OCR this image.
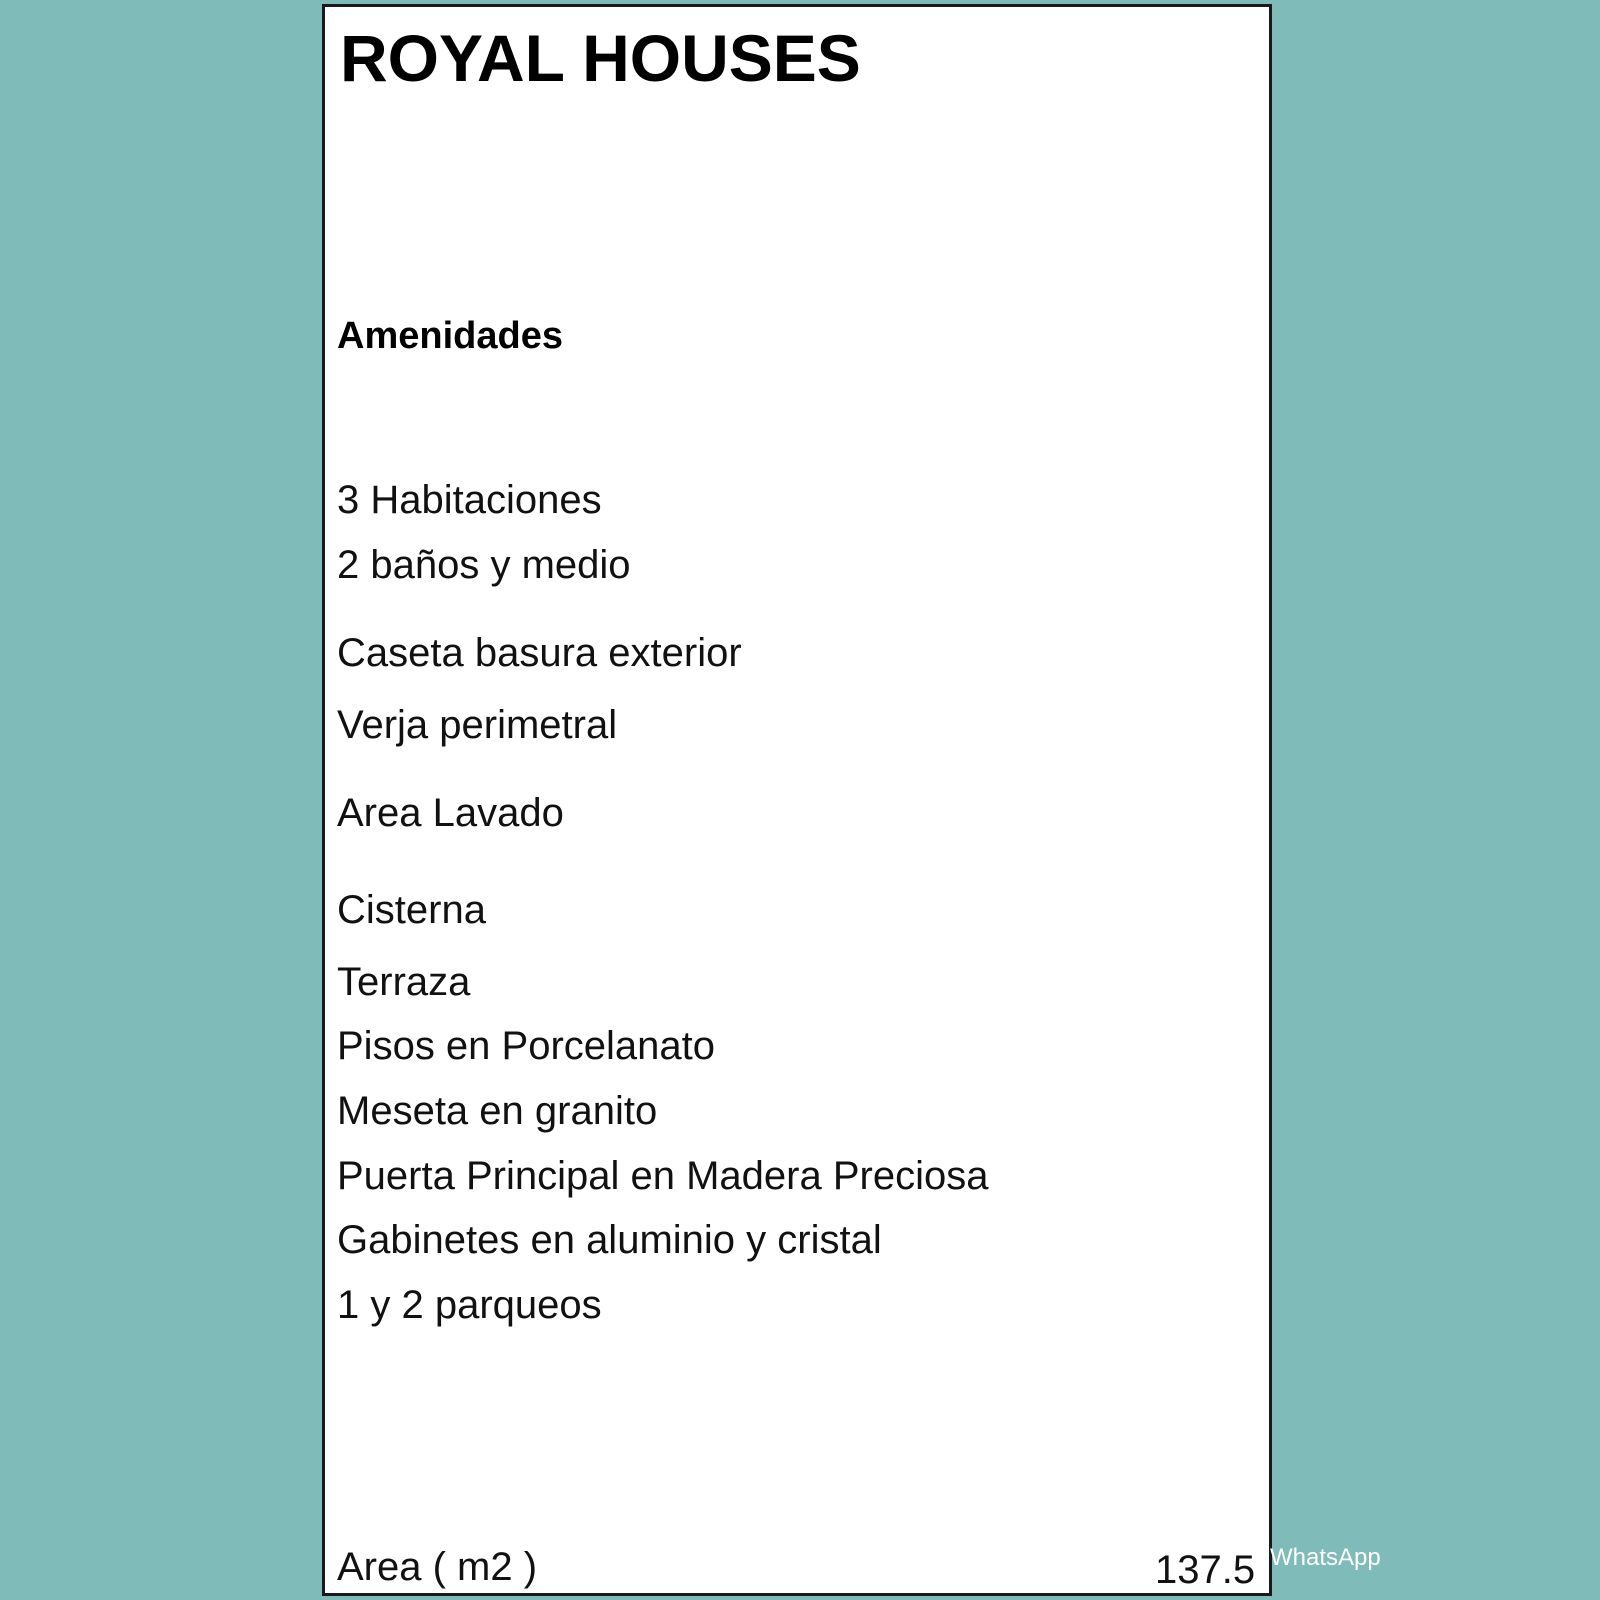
ROYAL HOUSES
Amenidades

3 Habitaciones

2 baños y medio

Caseta basura exterior

Verja perimetral

Area Lavado

Cisterna

Terraza

Pisos en Porcelanato

Meseta en granito

Puerta Principal en Madera Preciosa

Gabinetes en aluminio y cristal

1 y 2 parqueos

Area ( m2 )	137.5 WhatsApp
